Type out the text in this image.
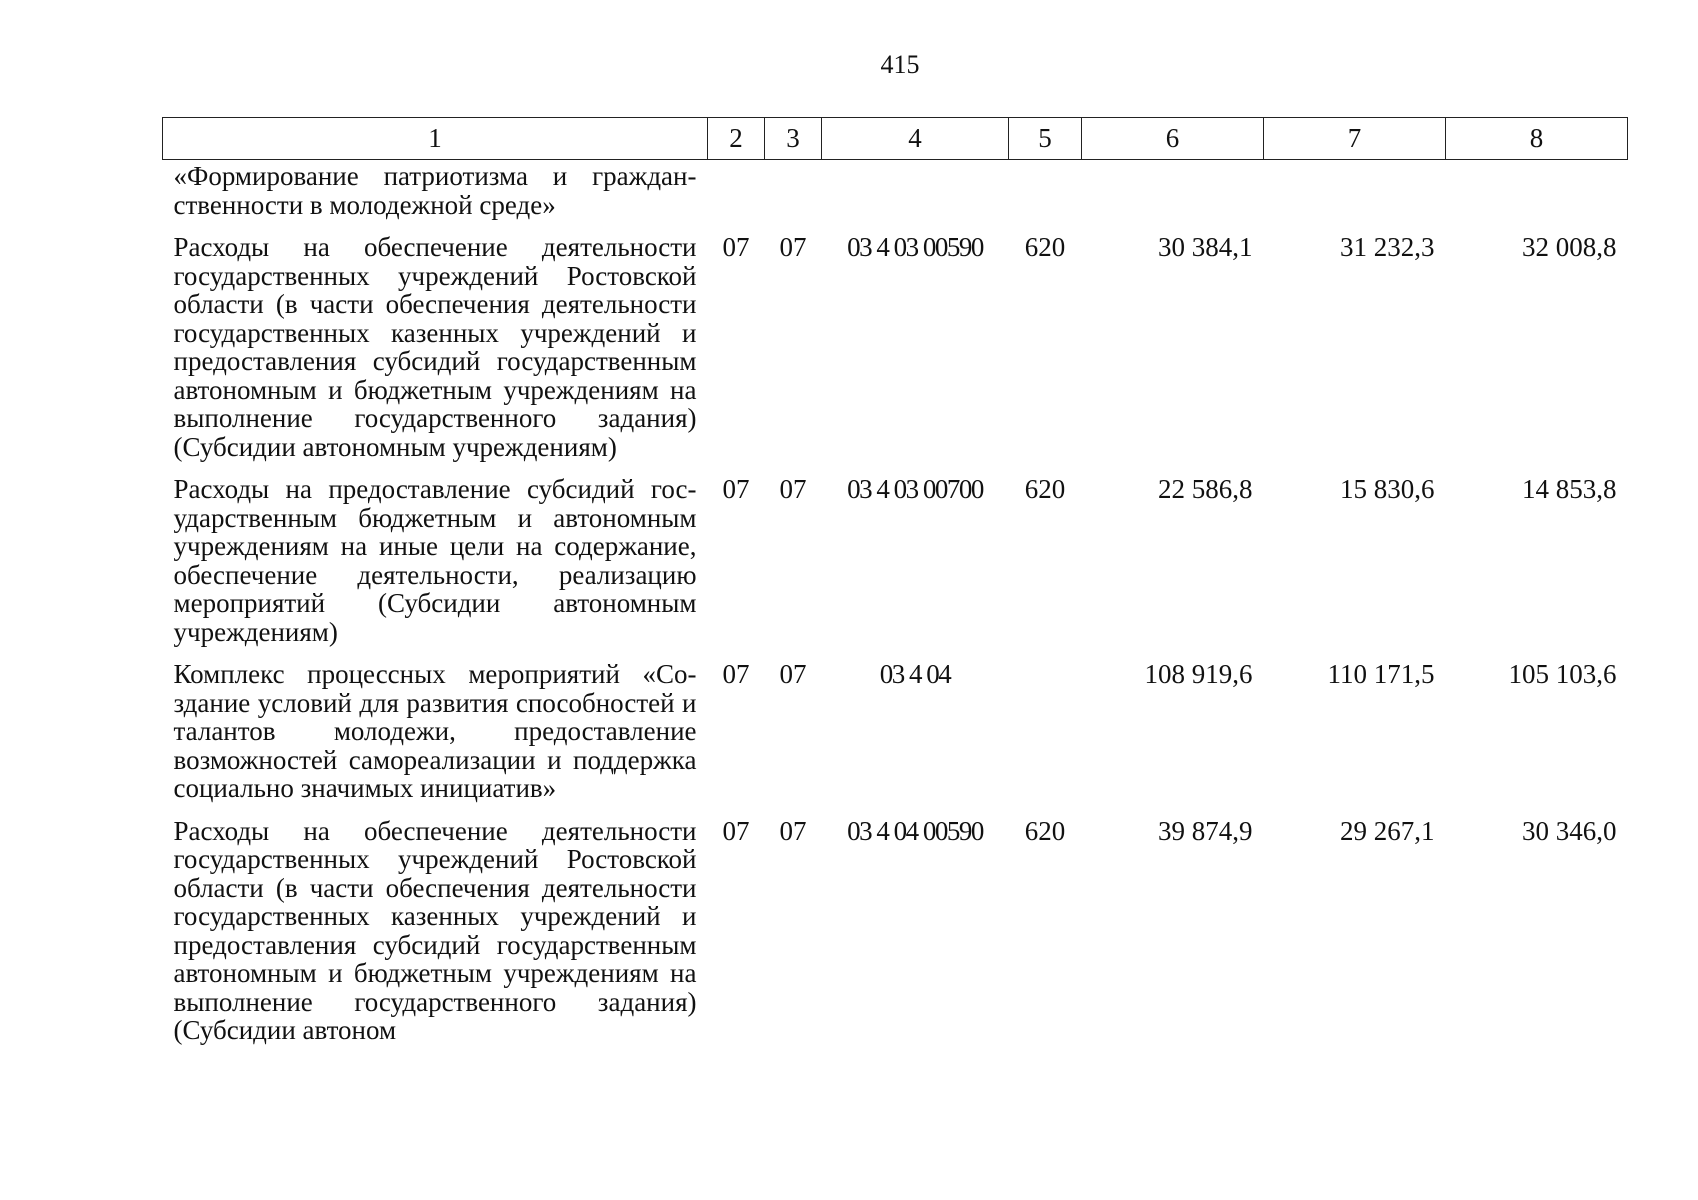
415
1	2	3	4	5	6	7	8

«Формирование патриотизма и гражданственности в молодежной среде»							

Расходы на обеспечение деятельности государственных учреждений Ростовской области (в части обеспечения деятельности государственных казенных учреждений и предоставления субсидий государственным автономным и бюджетным учреждениям на выполнение государственного задания) (Субсидии автономным учреждениям)	07	07	03 4 03 00590	620	30 384,1	31 232,3	32 008,8

Расходы на предоставление субсидий государственным бюджетным и автономным учреждениям на иные цели на содержание, обеспечение деятельности, реализацию мероприятий (Субсидии автономным учреждениям)	07	07	03 4 03 00700	620	22 586,8	15 830,6	14 853,8

Комплекс процессных мероприятий «Создание условий для развития способностей и талантов молодежи, предоставление возможностей самореализации и поддержка социально значимых инициатив»	07	07	03 4 04		108 919,6	110 171,5	105 103,6

Расходы на обеспечение деятельности государственных учреждений Ростовской области (в части обеспечения деятельности государственных казенных учреждений и предоставления субсидий государственным автономным и бюджетным учреждениям на выполнение государственного задания) (Субсидии автоном	07	07	03 4 04 00590	620	39 874,9	29 267,1	30 346,0
